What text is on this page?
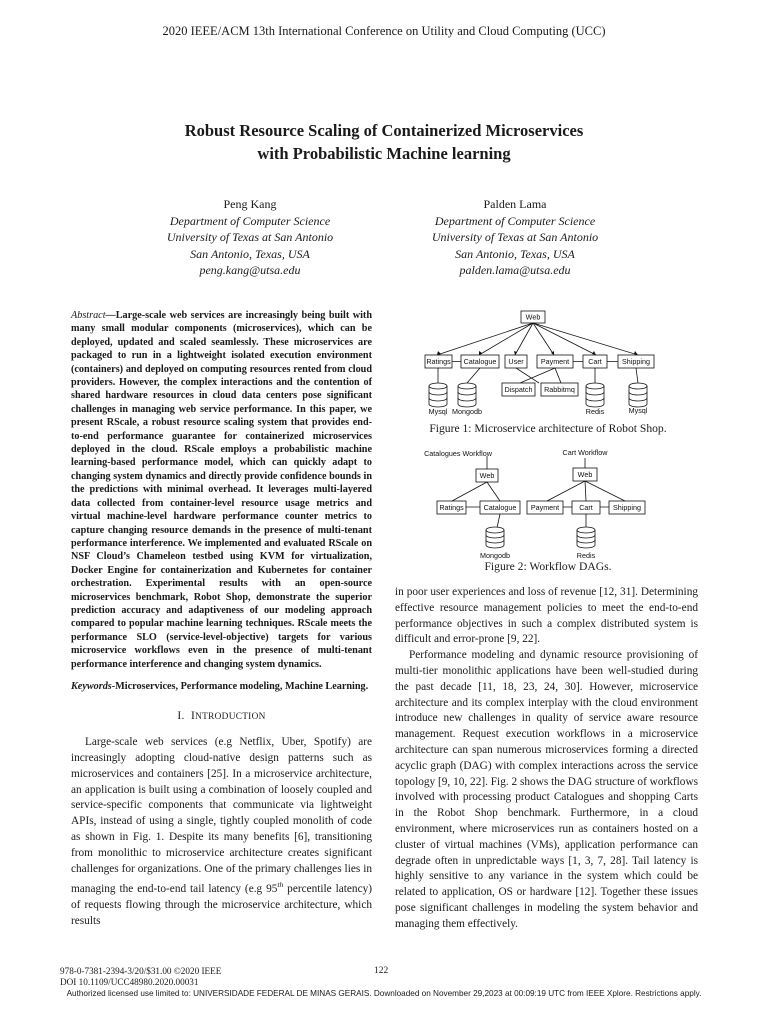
2020 IEEE/ACM 13th International Conference on Utility and Cloud Computing (UCC)
Robust Resource Scaling of Containerized Microservices
with Probabilistic Machine learning
Peng Kang
Department of Computer Science
University of Texas at San Antonio
San Antonio, Texas, USA
peng.kang@utsa.edu
Palden Lama
Department of Computer Science
University of Texas at San Antonio
San Antonio, Texas, USA
palden.lama@utsa.edu

Abstract—Large-scale web services are increasingly being built with many small modular components (microservices), which can be deployed, updated and scaled seamlessly. These microservices are packaged to run in a lightweight isolated execution environment (containers) and deployed on computing resources rented from cloud providers. However, the complex interactions and the contention of shared hardware resources in cloud data centers pose significant challenges in managing web service performance. In this paper, we present RScale, a robust resource scaling system that provides end-to-end performance guarantee for containerized microservices deployed in the cloud. RScale employs a probabilistic machine learning-based performance model, which can quickly adapt to changing system dynamics and directly provide confidence bounds in the predictions with minimal overhead. It leverages multi-layered data collected from container-level resource usage metrics and virtual machine-level hardware performance counter metrics to capture changing resource demands in the presence of multi-tenant performance interference. We implemented and evaluated RScale on NSF Cloud’s Chameleon testbed using KVM for virtualization, Docker Engine for containerization and Kubernetes for container orchestration. Experimental results with an open-source microservices benchmark, Robot Shop, demonstrate the superior prediction accuracy and adaptiveness of our modeling approach compared to popular machine learning techniques. RScale meets the performance SLO (service-level-objective) targets for various microservice workflows even in the presence of multi-tenant performance interference and changing system dynamics.

Keywords-Microservices, Performance modeling, Machine Learning.

I. INTRODUCTION

Large-scale web services (e.g Netflix, Uber, Spotify) are increasingly adopting cloud-native design patterns such as microservices and containers [25]. In a microservice architecture, an application is built using a combination of loosely coupled and service-specific components that communicate via lightweight APIs, instead of using a single, tightly coupled monolith of code as shown in Fig. 1. Despite its many benefits [6], transitioning from monolithic to microservice architecture creates significant challenges for organizations. One of the primary challenges lies in managing the end-to-end tail latency (e.g 95th percentile latency) of requests flowing through the microservice architecture, which results

Web
Ratings Catalogue User Payment	Cart	Shipping
Dispatch Rabbitmq
Mysql Mongodb	Redis	Mysql
Figure 1: Microservice architecture of Robot Shop.
Catalogues Workflow	Cart Workflow
Web	Web
Ratings	Catalogue Payment	Cart	Shipping
Mongodb	Redis
Figure 2: Workflow DAGs.

in poor user experiences and loss of revenue [12, 31]. Determining effective resource management policies to meet the end-to-end performance objectives in such a complex distributed system is difficult and error-prone [9, 22].

Performance modeling and dynamic resource provisioning of multi-tier monolithic applications have been well-studied during the past decade [11, 18, 23, 24, 30]. However, microservice architecture and its complex interplay with the cloud environment introduce new challenges in quality of service aware resource management. Request execution workflows in a microservice architecture can span numerous microservices forming a directed acyclic graph (DAG) with complex interactions across the service topology [9, 10, 22]. Fig. 2 shows the DAG structure of workflows involved with processing product Catalogues and shopping Carts in the Robot Shop benchmark. Furthermore, in a cloud environment, where microservices run as containers hosted on a cluster of virtual machines (VMs), application performance can degrade often in unpredictable ways [1, 3, 7, 28]. Tail latency is highly sensitive to any variance in the system which could be related to application, OS or hardware [12]. Together these issues pose significant challenges in modeling the system behavior and managing them effectively.

978-0-7381-2394-3/20/$31.00 ©2020 IEEE
DOI 10.1109/UCC48980.2020.00031
122
Authorized licensed use limited to: UNIVERSIDADE FEDERAL DE MINAS GERAIS. Downloaded on November 29,2023 at 00:09:19 UTC from IEEE Xplore. Restrictions apply.
